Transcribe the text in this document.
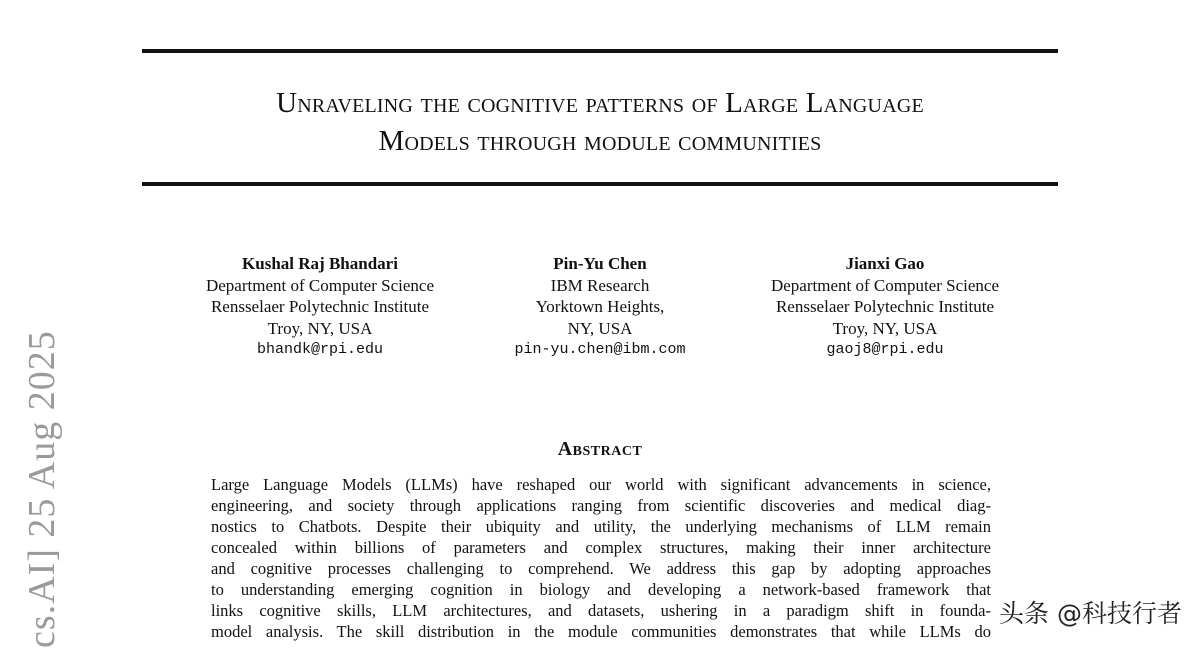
Unraveling the cognitive patterns of Large Language
Models through module communities
Kushal Raj Bhandari
Department of Computer Science
Rensselaer Polytechnic Institute
Troy, NY, USA
bhandk@rpi.edu
Pin-Yu Chen
IBM Research
Yorktown Heights,
NY, USA
pin-yu.chen@ibm.com
Jianxi Gao
Department of Computer Science
Rensselaer Polytechnic Institute
Troy, NY, USA
gaoj8@rpi.edu
Abstract
Large Language Models (LLMs) have reshaped our world with significant advancements in science,
engineering, and society through applications ranging from scientific discoveries and medical diag-
nostics to Chatbots. Despite their ubiquity and utility, the underlying mechanisms of LLM remain
concealed within billions of parameters and complex structures, making their inner architecture
and cognitive processes challenging to comprehend. We address this gap by adopting approaches
to understanding emerging cognition in biology and developing a network-based framework that
links cognitive skills, LLM architectures, and datasets, ushering in a paradigm shift in founda-
model analysis. The skill distribution in the module communities demonstrates that while LLMs do
cs.AI] 25 Aug 2025	头条 @科技行者
